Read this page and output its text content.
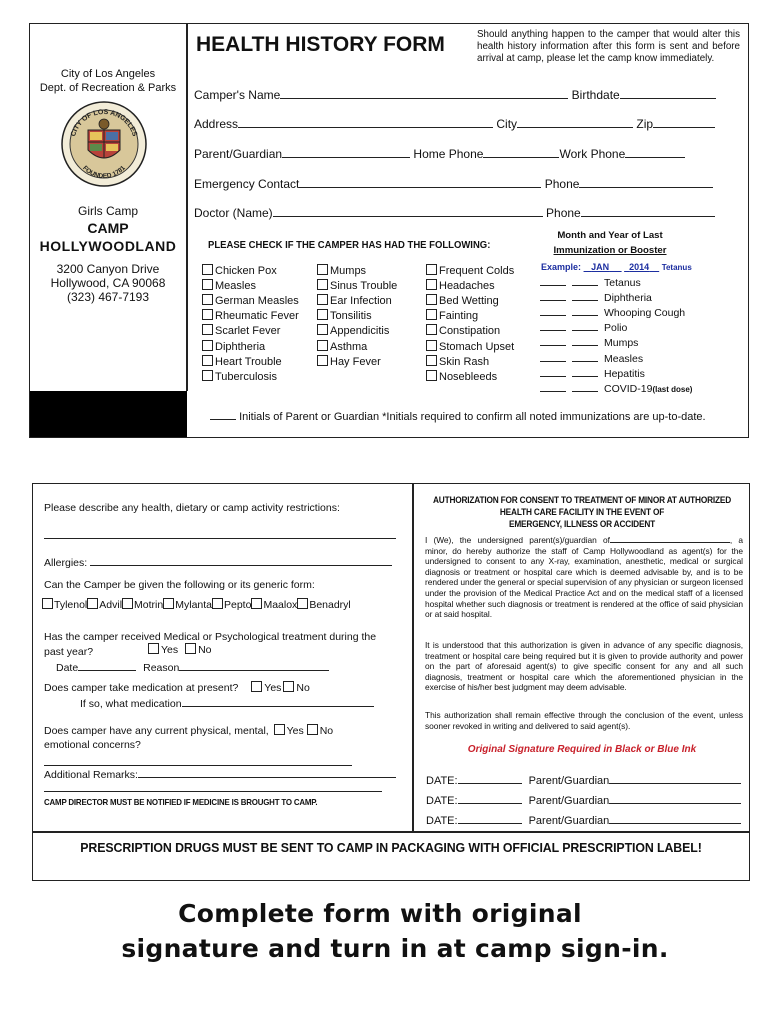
City of Los Angeles
Dept. of Recreation & Parks
CITY OF LOS ANGELES
FOUNDED 1781
Girls Camp
CAMP
HOLLYWOODLAND
3200 Canyon Drive
Hollywood, CA 90068
(323) 467-7193
HEALTH HISTORY FORM	Should anything happen to the camper that would alter this health history information after this form is sent and before arrival at camp, please let the camp know immediately.
Camper's Name	Birthdate
Address	City	Zip
Parent/Guardian	Home Phone	Work Phone
Emergency Contact	Phone
Doctor (Name)	Phone
PLEASE CHECK IF THE CAMPER HAS HAD THE FOLLOWING:
Chicken Pox
Measles
German Measles
Rheumatic Fever
Scarlet Fever
Diphtheria
Heart Trouble
Tuberculosis
Mumps
Sinus Trouble
Ear Infection
Tonsilitis
Appendicitis
Asthma
Hay Fever
Frequent Colds
Headaches
Bed Wetting
Fainting
Constipation
Stomach Upset
Skin Rash
Nosebleeds
Month and Year of Last
Immunization or Booster
Example: JAN 2014 Tetanus
Tetanus
Diphtheria
Whooping Cough
Polio
Mumps
Measles
Hepatitis
COVID-19(last dose)
Initials of Parent or Guardian *Initials required to confirm all noted immunizations are up-to-date.
Please describe any health, dietary or camp activity restrictions:
Allergies:
Can the Camper be given the following or its generic form:
Tylenol Advil Motrin Mylanta Pepto Maalox Benadryl
Has the camper received Medical or Psychological treatment during the
past year?	Yes No
Date	Reason
Does camper take medication at present? Yes No
If so, what medication
Does camper have any current physical, mental, Yes No
emotional concerns?
Additional Remarks:
CAMP DIRECTOR MUST BE NOTIFIED IF MEDICINE IS BROUGHT TO CAMP.
AUTHORIZATION FOR CONSENT TO TREATMENT OF MINOR AT AUTHORIZED
HEALTH CARE FACILITY IN THE EVENT OF
EMERGENCY, ILLNESS OR ACCIDENT
I (We), the undersigned parent(s)/guardian of	, a minor, do hereby authorize the staff of Camp Hollywoodland as agent(s) for the undersigned to consent to any X-ray, examination, anesthetic, medical or surgical diagnosis or treatment or hospital care which is deemed advisable by, and is to be rendered under the general or special supervision of any physician or surgeon licensed under the provision of the Medical Practice Act and on the medical staff of a licensed hospital whether such diagnosis or treatment is rendered at the office of said physician or at said hospital.
It is understood that this authorization is given in advance of any specific diagnosis, treatment or hospital care being required but it is given to provide authority and power on the part of aforesaid agent(s) to give specific consent for any and all such diagnosis, treatment or hospital care which the aforementioned physician in the exercise of his/her best judgment may deem advisable.
This authorization shall remain effective through the conclusion of the event, unless sooner revoked in writing and delivered to said agent(s).
Original Signature Required in Black or Blue Ink
DATE:	Parent/Guardian
DATE:	Parent/Guardian
DATE:	Parent/Guardian
PRESCRIPTION DRUGS MUST BE SENT TO CAMP IN PACKAGING WITH OFFICIAL PRESCRIPTION LABEL!
Complete form with original
signature and turn in at camp sign-in.
